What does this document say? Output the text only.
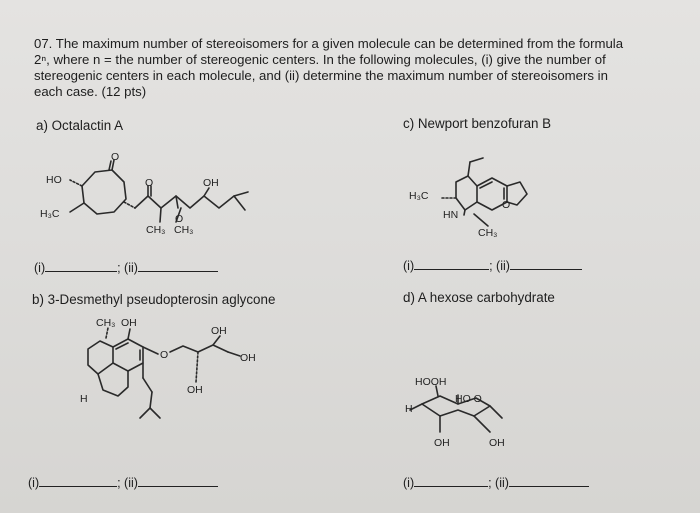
07. The maximum number of stereoisomers for a given molecule can be determined from the formula
2ⁿ, where n = the number of stereogenic centers. In the following molecules, (i) give the number of
stereogenic centers in each molecule, and (ii) determine the maximum number of stereoisomers in
each case. (12 pts)
a) Octalactin A	c) Newport benzofuran B
b) 3-Desmethyl pseudopterosin aglycone	d) A hexose carbohydrate
(i)	; (ii)	(i)	; (ii)
(i)	; (ii)	(i)	; (ii)
HO
H₃C
O
O
O
OH
CH₃ CH₃
H₃C
HN
CH₃
O
CH₃ OH
OH
OH
OH
O
H
HOOH
HO O
H
OH	OH
